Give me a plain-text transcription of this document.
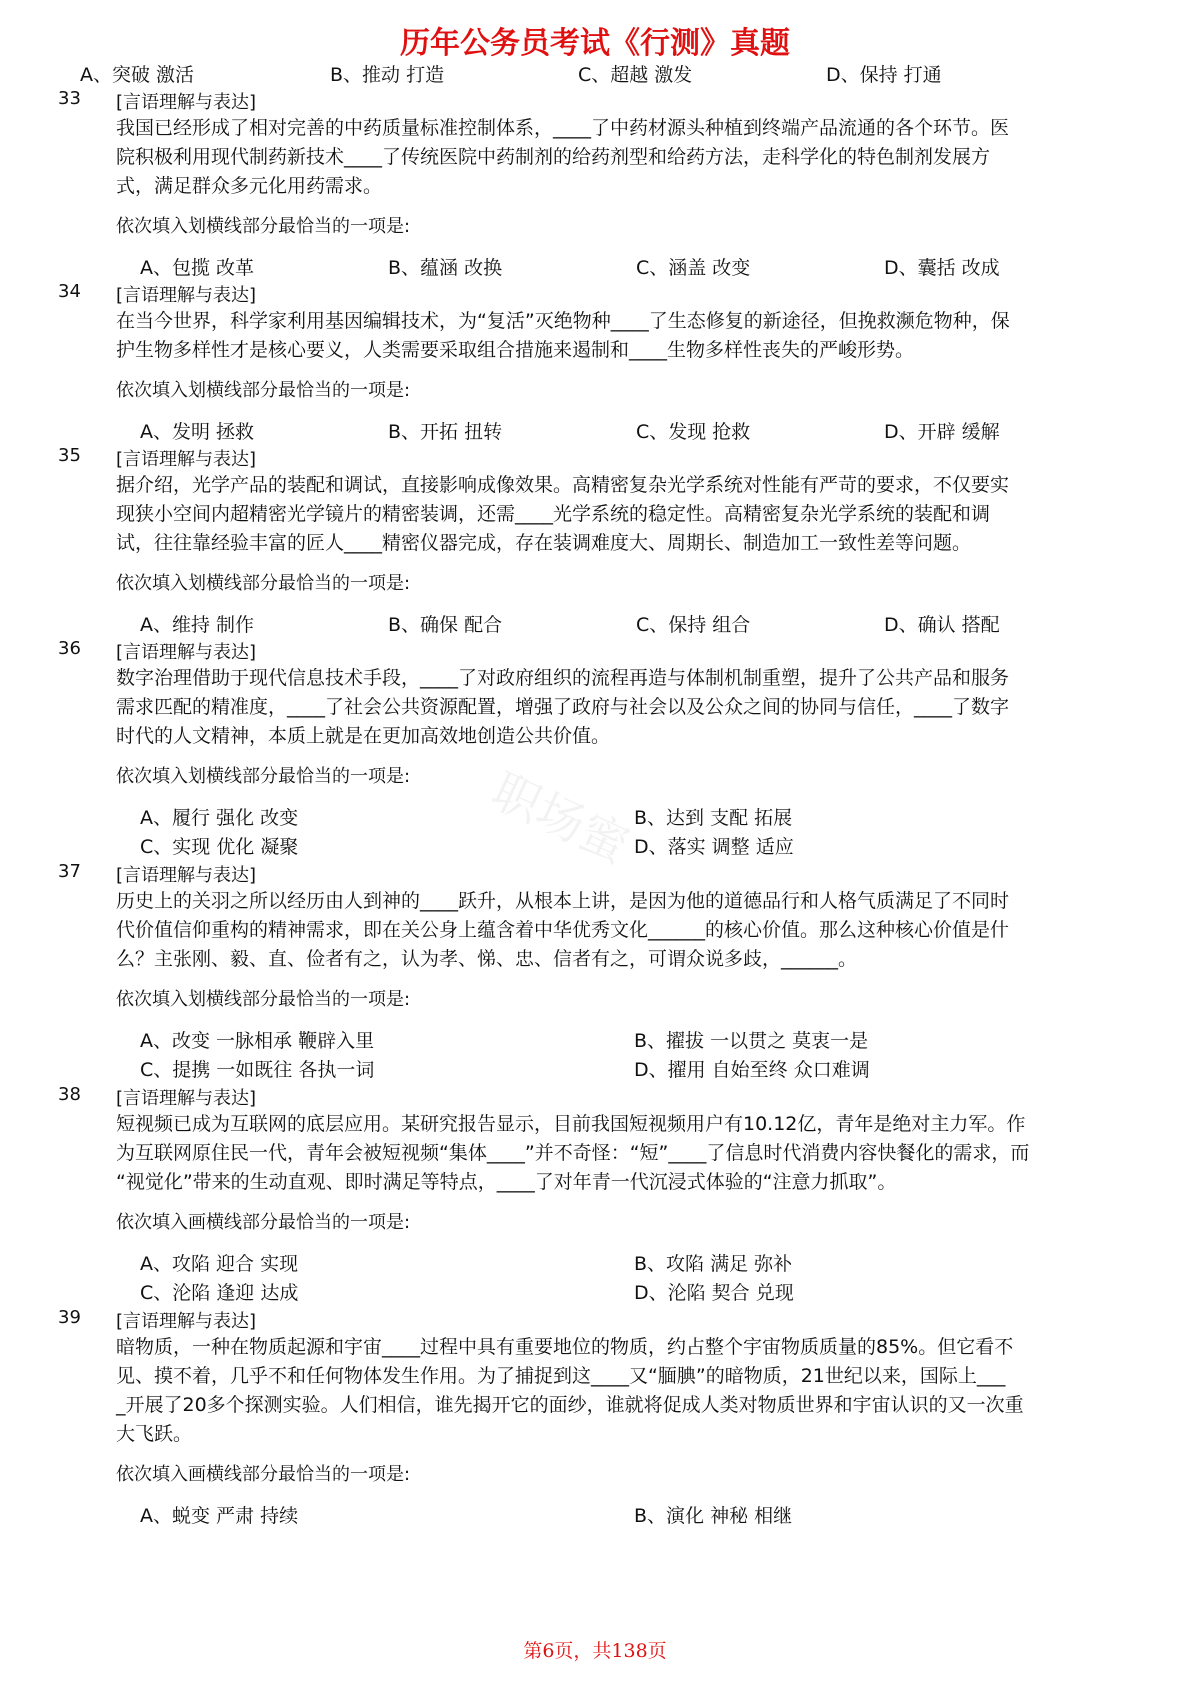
历年公务员考试《行测》真题
A、突破 激活	B、推动 打造	C、超越 激发	D、保持 打通
33 [言语理解与表达]
我国已经形成了相对完善的中药质量标准控制体系，____了中药材源头种植到终端产品流通的各个环节。医
院积极利用现代制药新技术____了传统医院中药制剂的给药剂型和给药方法，走科学化的特色制剂发展方
式，满足群众多元化用药需求。
依次填入划横线部分最恰当的一项是:
A、包揽 改革	B、蕴涵 改换	C、涵盖 改变	D、囊括 改成
34 [言语理解与表达]
在当今世界，科学家利用基因编辑技术，为“复活”灭绝物种____了生态修复的新途径，但挽救濒危物种，保
护生物多样性才是核心要义，人类需要采取组合措施来遏制和____生物多样性丧失的严峻形势。
依次填入划横线部分最恰当的一项是:
A、发明 拯救	B、开拓 扭转	C、发现 抢救	D、开辟 缓解
35 [言语理解与表达]
据介绍，光学产品的装配和调试，直接影响成像效果。高精密复杂光学系统对性能有严苛的要求，不仅要实
现狭小空间内超精密光学镜片的精密装调，还需____光学系统的稳定性。高精密复杂光学系统的装配和调
试，往往靠经验丰富的匠人____精密仪器完成，存在装调难度大、周期长、制造加工一致性差等问题。
依次填入划横线部分最恰当的一项是:
A、维持 制作	B、确保 配合	C、保持 组合	D、确认 搭配
36 [言语理解与表达]
数字治理借助于现代信息技术手段，____了对政府组织的流程再造与体制机制重塑，提升了公共产品和服务
需求匹配的精准度，____了社会公共资源配置，增强了政府与社会以及公众之间的协同与信任，____了数字
时代的人文精神，本质上就是在更加高效地创造公共价值。
依次填入划横线部分最恰当的一项是:
A、履行 强化 改变	B、达到 支配 拓展
C、实现 优化 凝聚	D、落实 调整 适应
37 [言语理解与表达]
历史上的关羽之所以经历由人到神的____跃升，从根本上讲，是因为他的道德品行和人格气质满足了不同时
代价值信仰重构的精神需求，即在关公身上蕴含着中华优秀文化______的核心价值。那么这种核心价值是什
么？主张刚、毅、直、俭者有之，认为孝、悌、忠、信者有之，可谓众说多歧，______。
依次填入划横线部分最恰当的一项是:
A、改变 一脉相承 鞭辟入里	B、擢拔 一以贯之 莫衷一是
C、提携 一如既往 各执一词	D、擢用 自始至终 众口难调
38 [言语理解与表达]
短视频已成为互联网的底层应用。某研究报告显示，目前我国短视频用户有10.12亿，青年是绝对主力军。作
为互联网原住民一代，青年会被短视频“集体____”并不奇怪：“短”____了信息时代消费内容快餐化的需求，而
“视觉化”带来的生动直观、即时满足等特点，____了对年青一代沉浸式体验的“注意力抓取”。
依次填入画横线部分最恰当的一项是:
A、攻陷 迎合 实现	B、攻陷 满足 弥补
C、沦陷 逢迎 达成	D、沦陷 契合 兑现
39 [言语理解与表达]
暗物质，一种在物质起源和宇宙____过程中具有重要地位的物质，约占整个宇宙物质质量的85%。但它看不
见、摸不着，几乎不和任何物体发生作用。为了捕捉到这____又“腼腆”的暗物质，21世纪以来，国际上___
_开展了20多个探测实验。人们相信，谁先揭开它的面纱，谁就将促成人类对物质世界和宇宙认识的又一次重
大飞跃。
依次填入画横线部分最恰当的一项是:
A、蜕变 严肃 持续	B、演化 神秘 相继
职场蜜
第6页，共138页
